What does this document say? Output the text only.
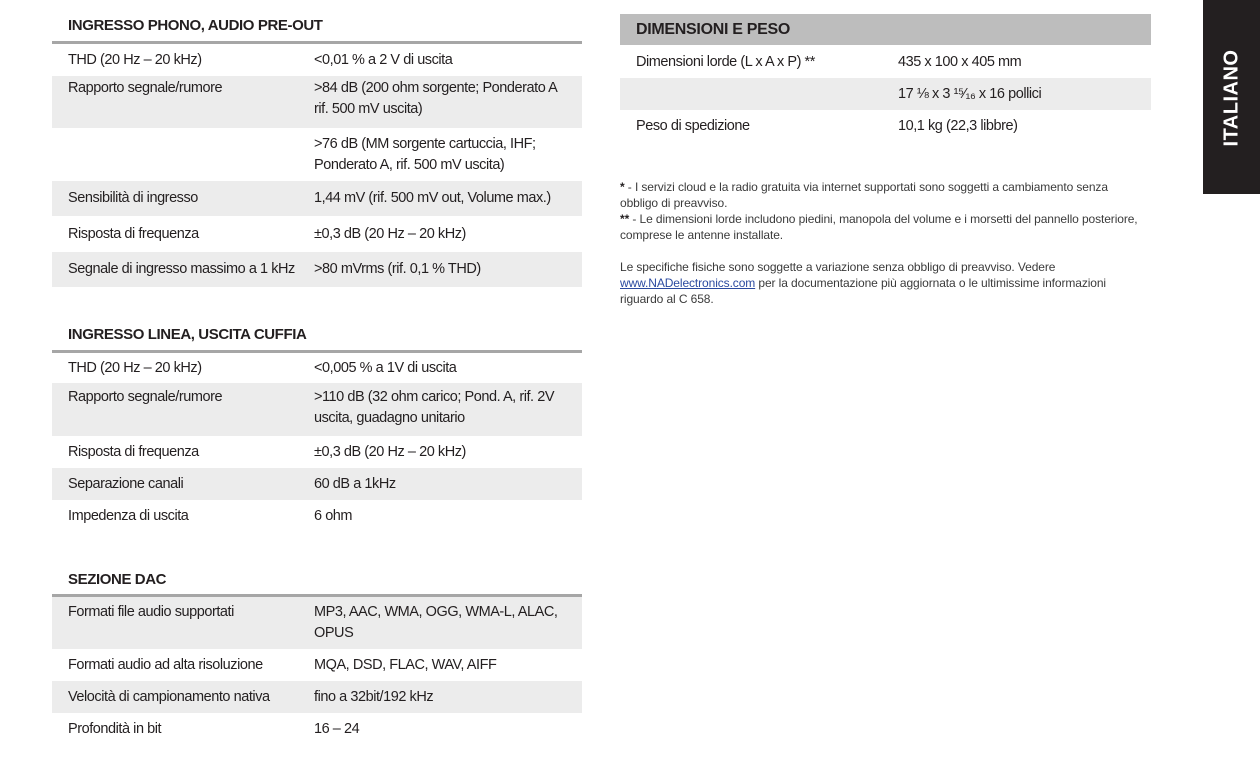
INGRESSO PHONO, AUDIO PRE-OUT
THD (20 Hz – 20 kHz)	<0,01 % a 2 V di uscita
Rapporto segnale/rumore	>84 dB (200 ohm sorgente; Ponderato A rif. 500 mV uscita)
>76 dB (MM sorgente cartuccia, IHF; Ponderato A, rif. 500 mV uscita)
Sensibilità di ingresso	1,44 mV (rif. 500 mV out, Volume max.)
Risposta di frequenza	±0,3 dB (20 Hz – 20 kHz)
Segnale di ingresso massimo a 1 kHz	>80 mVrms (rif. 0,1 % THD)
INGRESSO LINEA, USCITA CUFFIA
THD (20 Hz – 20 kHz)	<0,005 % a 1V di uscita
Rapporto segnale/rumore	>110 dB (32 ohm carico; Pond. A, rif. 2V uscita, guadagno unitario
Risposta di frequenza	±0,3 dB (20 Hz – 20 kHz)
Separazione canali	60 dB a 1kHz
Impedenza di uscita	6 ohm
SEZIONE DAC
Formati file audio supportati	MP3, AAC, WMA, OGG, WMA-L, ALAC, OPUS
Formati audio ad alta risoluzione	MQA, DSD, FLAC, WAV, AIFF
Velocità di campionamento nativa	fino a 32bit/192 kHz
Profondità in bit	16 – 24
DIMENSIONI E PESO
Dimensioni lorde (L x A x P) **	435 x 100 x 405 mm
17 ⅛ x 3 ¹⁵⁄₁₆ x 16 pollici
Peso di spedizione	10,1 kg (22,3 libbre)
* - I servizi cloud e la radio gratuita via internet supportati sono soggetti a cambiamento senza obbligo di preavviso.
** - Le dimensioni lorde includono piedini, manopola del volume e i morsetti del pannello posteriore, comprese le antenne installate.
Le specifiche fisiche sono soggette a variazione senza obbligo di preavviso. Vedere www.NADelectronics.com per la documentazione più aggiornata o le ultimissime informazioni riguardo al C 658.
ITALIANO
